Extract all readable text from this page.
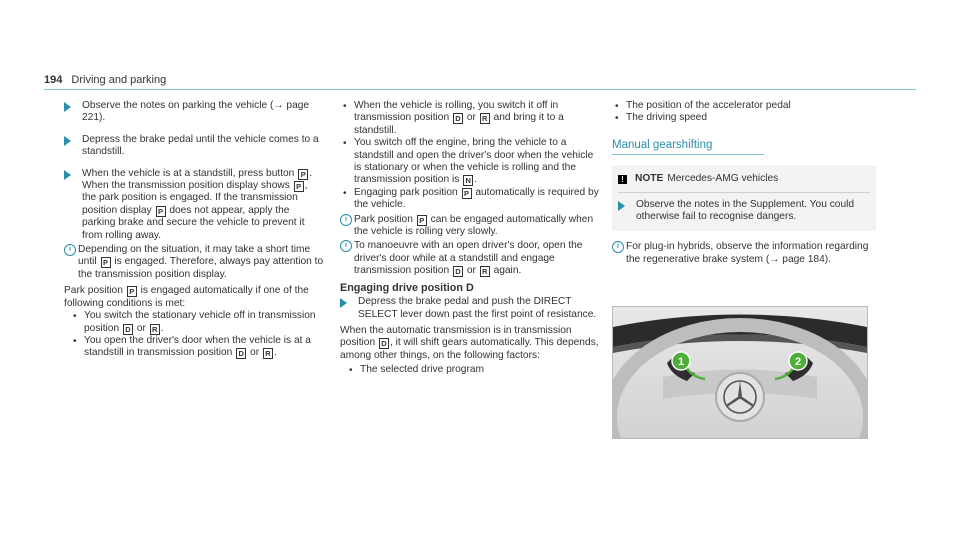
194 Driving and parking
Observe the notes on parking the vehicle (→ page 221).
Depress the brake pedal until the vehicle comes to a standstill.
When the vehicle is at a standstill, press button P .
When the transmission position display shows P , the park position is engaged. If the transmission position display P does not appear, apply the parking brake and secure the vehicle to prevent it from rolling away.
i Depending on the situation, it may take a short time until P is engaged. Therefore, always pay attention to the transmission position display.
Park position P is engaged automatically if one of the following conditions is met:
• You switch the stationary vehicle off in transmission position D or R .
• You open the driver's door when the vehicle is at a standstill in transmission position D or R .
• When the vehicle is rolling, you switch it off in transmission position D or R and bring it to a standstill.
• You switch off the engine, bring the vehicle to a standstill and open the driver's door when the vehicle is stationary or when the vehicle is rolling and the transmission position is N .
• Engaging park position P automatically is required by the vehicle.
i Park position P can be engaged automatically when the vehicle is rolling very slowly.
i To manoeuvre with an open driver's door, open the driver's door while at a standstill and engage transmission position D or R again.
Engaging drive position D
Depress the brake pedal and push the DIRECT SELECT lever down past the first point of resistance.
When the automatic transmission is in transmission position D , it will shift gears automatically. This depends, among other things, on the following factors:
• The selected drive program
• The position of the accelerator pedal
• The driving speed
Manual gearshifting
!	NOTE Mercedes-AMG vehicles
Observe the notes in the Supplement. You could otherwise fail to recognise dangers.
i For plug-in hybrids, observe the information regarding the regenerative brake system (→ page 184).
1	2
